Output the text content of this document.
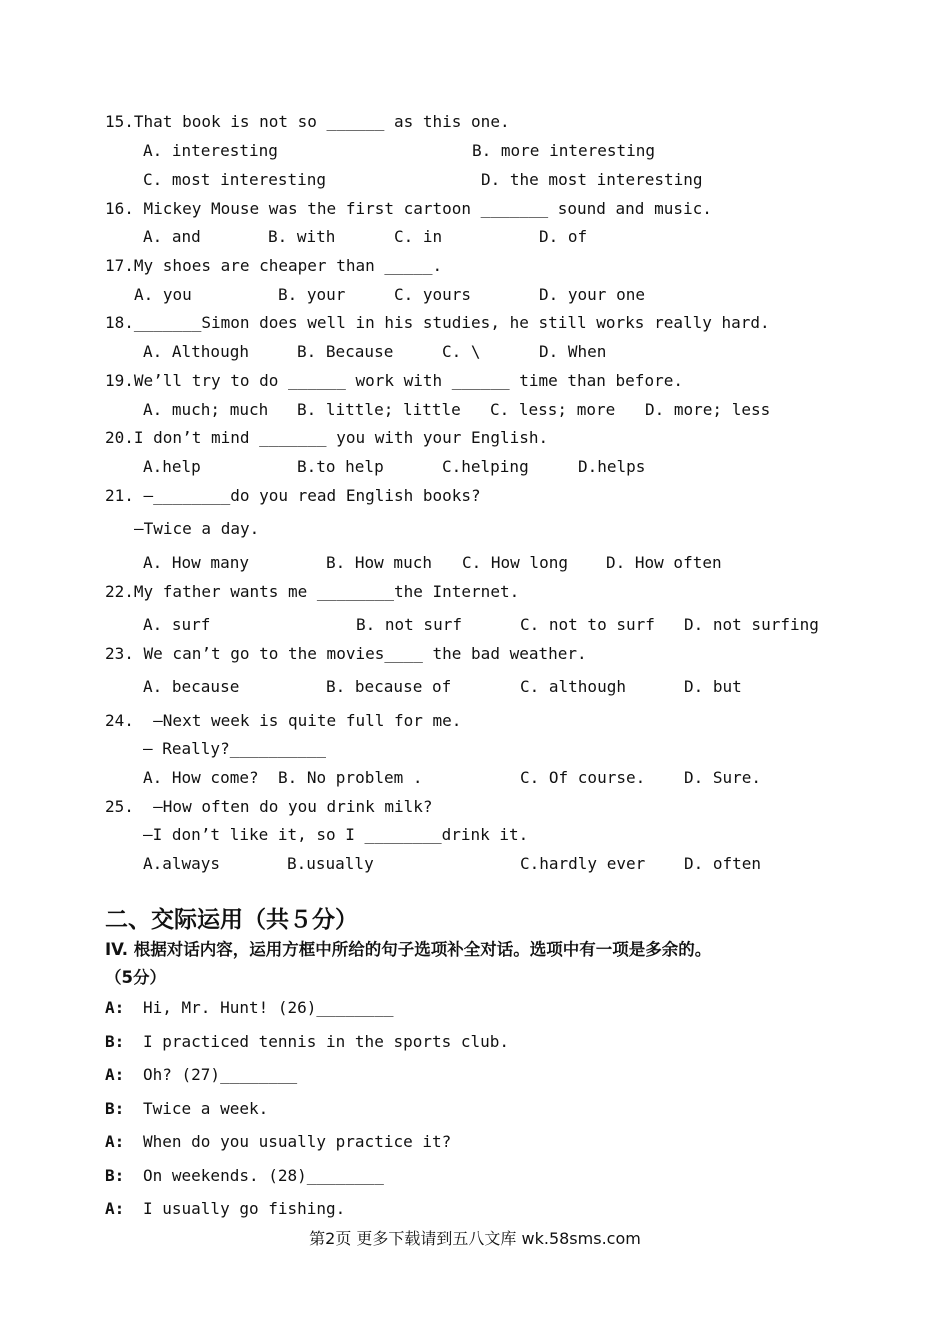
15.That book is not so ______ as this one.
A. interesting	B. more interesting
C. most interesting	D. the most interesting
16. Mickey Mouse was the first cartoon _______ sound and music.
A. and	B. with	C. in	D. of
17.My shoes are cheaper than _____.
A. you	B. your	C. yours	D. your one
18._______Simon does well in his studies, he still works really hard.
A. Although	B. Because	C. \	D. When
19.We’ll try to do ______ work with ______ time than before.
A. much; much B. little; little C. less; more D. more; less
20.I don’t mind _______ you with your English.
A.help	B.to help	C.helping	D.helps
21. —________do you read English books?
—Twice a day.
A. How many	B. How much C. How long D. How often
22.My father wants me ________the Internet.
A. surf	B. not surf	C. not to surf D. not surfing
23. We can’t go to the movies____ the bad weather.
A. because	B. because of	C. although	D. but
24.  —Next week is quite full for me.
— Really?__________
A. How come? B. No problem .	C. Of course. D. Sure.
25.  —How often do you drink milk?
—I don’t like it, so I ________drink it.
A.always	B.usually	C.hardly ever D. often
二、交际运用（共５分）
IV. 根据对话内容，运用方框中所给的句子选项补全对话。选项中有一项是多余的。
（5分）
A: Hi, Mr. Hunt! (26)________
B: I practiced tennis in the sports club.
A: Oh? (27)________
B: Twice a week.
A: When do you usually practice it?
B: On weekends. (28)________
A: I usually go fishing.
第2页 更多下载请到五八文库 wk.58sms.com
